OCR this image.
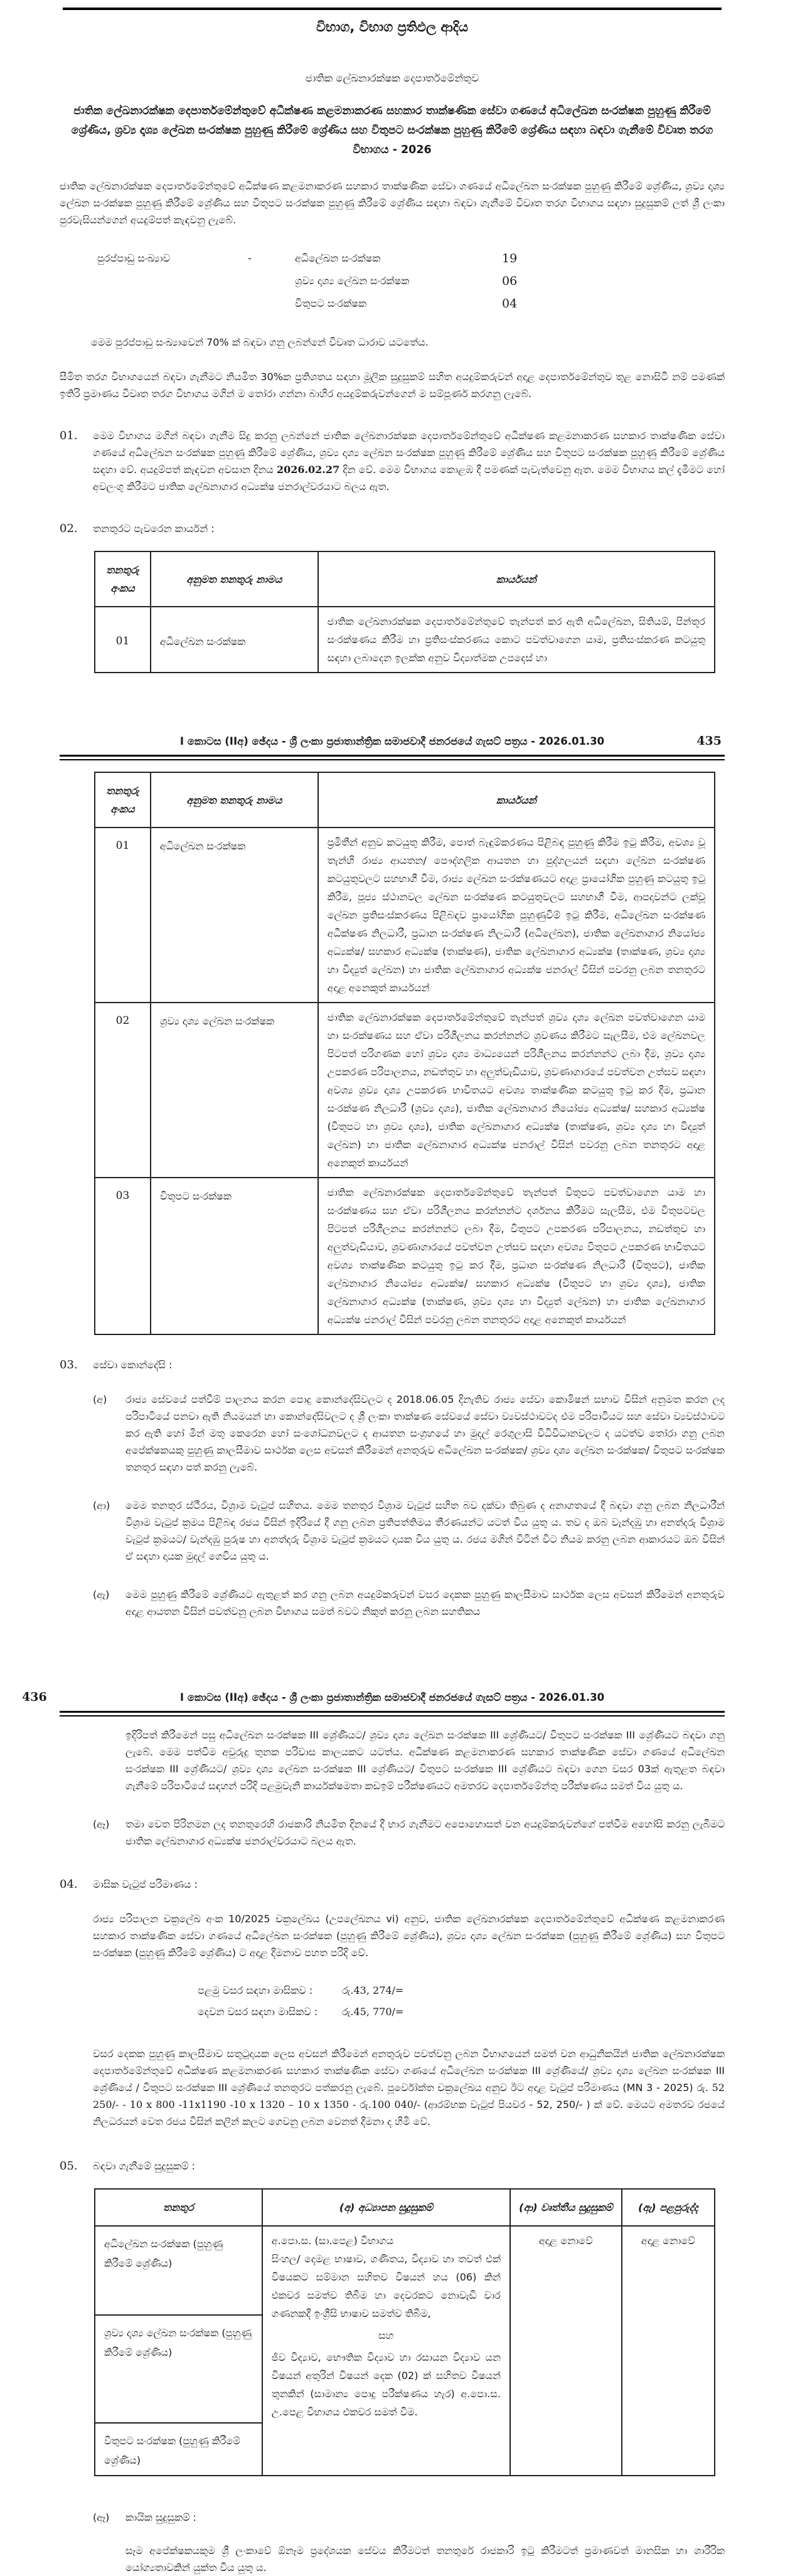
විභාග, විභාග ප්‍රතිඵල ආදිය
ජාතික ලේඛනාරක්ෂක දෙපාර්තමේන්තුව
ජාතික ලේඛනාරක්ෂක දෙපාර්තමේන්තුවේ අධීක්ෂණ කළමනාකරණ සහකාර තාක්ෂණික සේවා ගණයේ අධිලේඛන සංරක්ෂක පුහුණු කිරීමේ ශ්‍රේණිය, ශ්‍රව්‍ය දෘශ්‍ය ලේඛන සංරක්ෂක පුහුණු කිරීමේ ශ්‍රේණිය සහ විතුපට සංරක්ෂක පුහුණු කිරීමේ ශ්‍රේණිය සඳහා බඳවා ගැනීමේ විවෘත තරග විභාගය - 2026

ජාතික ලේඛනාරක්ෂක දෙපාර්තමේන්තුවේ අධීක්ෂණ කළමනාකරණ සහකාර තාක්ෂණික සේවා ගණයේ අධිලේඛන සංරක්ෂක පුහුණු කිරීමේ ශ්‍රේණිය, ශ්‍රව්‍ය දෘශ්‍ය ලේඛන සංරක්ෂක පුහුණු කිරීමේ ශ්‍රේණිය සහ විතුපට සංරක්ෂක පුහුණු කිරීමේ ශ්‍රේණිය සඳහා බඳවා ගැනීමේ විවෘත තරග විභාගය සඳහා සුදුසුකම් ලත් ශ්‍රී ලංකා පුරවැසියන්ගෙන් අයදුම්පත් කැඳවනු ලැබේ.

පුරප්පාඩු සංඛ්‍යාව	-	අධිලේඛන සංරක්ෂක	19
ශ්‍රව්‍ය දෘශ්‍ය ලේඛන සංරක්ෂක	06
විතුපට සංරක්ෂක	04

මෙම පුරප්පාඩු සංඛ්‍යාවෙන් 70% ක් බඳවා ගනු ලබන්නේ විවෘත ධාරාව යටතේය.

සීමිත තරග විභාගයෙන් බඳවා ගැනීමට නියමිත 30%ක ප්‍රතිශතය සඳහා මූලික සුදුසුකම් සහිත අයදුම්කරුවන් අදාළ දෙපාර්තමේන්තුව තුළ නොසිටී නම් පමණක් ඉතිරි ප්‍රමාණය විවෘත තරග විභාගය මගින් ම තෝරා ගන්නා බාහිර අයදුම්කරුවන්ගෙන් ම සම්පූර්ණ කරගනු ලැබේ.

01.	මෙම විභාගය මගින් බඳවා ගැනීම සිදු කරනු ලබන්නේ ජාතික ලේඛනාරක්ෂක දෙපාර්තමේන්තුවේ අධීක්ෂණ කළමනාකරණ සහකාර තාක්ෂණික සේවා ගණයේ අධිලේඛන සංරක්ෂක පුහුණු කිරීමේ ශ්‍රේණිය, ශ්‍රව්‍ය දෘශ්‍ය ලේඛන සංරක්ෂක පුහුණු කිරීමේ ශ්‍රේණිය සහ විතුපට සංරක්ෂක පුහුණු කිරීමේ ශ්‍රේණිය සඳහා වේ. අයදුම්පත් කැඳවන අවසාන දිනය 2026.02.27 දින වේ. මෙම විභාගය කොළඹ දී පමණක් පැවැත්වෙනු ඇත. මෙම විභාගය කල් දැමීමට හෝ අවලංගු කිරීමට ජාතික ලේඛනාගාර අධ්‍යක්ෂ ජනරාල්වරයාට බලය ඇත.
02.	තනතුරට පැවරෙන කාර්යන් :
තනතුරු අංකය	අනුමත තනතුරු නාමය	කාර්යයන්
01	අධිලේඛන සංරක්ෂක	ජාතික ලේඛනාරක්ෂක දෙපාර්තමේන්තුවේ තැන්පත් කර ඇති අධිලේඛන, සිතියම්, පින්තූර සංරක්ෂණය කිරීම හා ප්‍රතිසංස්කරණය කොට පවත්වාගෙන යාම, ප්‍රතිසංස්කරණ කටයුතු සඳහා ලබාදෙන ඉලක්ක අනුව විද්‍යාත්මක උපදෙස් හා
I කොටස (IIඅ) ඡේදය - ශ්‍රී ලංකා ප්‍රජාතාන්ත්‍රික සමාජවාදී ජනරජයේ ගැසට් පත්‍රය - 2026.01.30	435
තනතුරු අංකය	අනුමත තනතුරු නාමය	කාර්යයන්
01	අධිලේඛන සංරක්ෂක	ප්‍රමිතීන් අනුව කටයුතු කිරීම, පොත් බැඳුම්කරණය පිළිබඳ පුහුණු කිරීම ඉටු කිරීම, අවශ්‍ය වූ තැන්හි රාජ්‍ය ආයතන/ පෞද්ගලික ආයතන හා පුද්ගලයන් සඳහා ලේඛන සංරක්ෂණ කටයුතුවලට සහභාගී වීම, රාජ්‍ය ලේඛන සංරක්ෂණයට අදාළ ප්‍රායෝගික පුහුණු කටයුතු ඉටු කිරීම, පූජ්‍ය ස්ථානවල ලේඛන සංරක්ෂණ කටයුතුවලට සහභාගී වීම, ආපදාවන්ට ලක්වූ ලේඛන ප්‍රතිසංස්කරණය පිළිබඳව ප්‍රායෝගික පුහුණුවීම් ඉටු කිරීම, අධිලේඛන සංරක්ෂණ අධීක්ෂණ නිලධාරී, ප්‍රධාන සංරක්ෂණ නිලධාරී (අධිලේඛන), ජාතික ලේඛනාගාර නියෝජ්‍ය අධ්‍යක්ෂ/ සහකාර අධ්‍යක්ෂ (තාක්ෂණ), ජාතික ලේඛනාගාර අධ්‍යක්ෂ (තාක්ෂණ, ශ්‍රව්‍ය දෘශ්‍ය හා විද්‍යුත් ලේඛන) හා ජාතික ලේඛනාගාර අධ්‍යක්ෂ ජනරාල් විසින් පවරනු ලබන තනතුරට අදාළ අනෙකුත් කාර්යයන්
02	ශ්‍රව්‍ය දෘශ්‍ය ලේඛන සංරක්ෂක	ජාතික ලේඛනාරක්ෂක දෙපාර්තමේන්තුවේ තැන්පත් ශ්‍රව්‍ය දෘශ්‍ය ලේඛන පවත්වාගෙන යාම හා සංරක්ෂණය සහ ඒවා පරිශීලනය කරන්නන්ට ශ්‍රවණය කිරීමට සැලසීම, එම ලේඛනවල පිටපත් පරිගණක හෝ ශ්‍රව්‍ය දෘශ්‍ය මාධ්‍යයෙන් පරිශීලනය කරන්නන්ට ලබා දීම, ශ්‍රව්‍ය දෘශ්‍ය උපකරණ පරිපාලනය, නඩත්තුව හා අලුත්වැඩියාව, ශ්‍රවණාගාරයේ පවත්වන උත්සව සඳහා අවශ්‍ය ශ්‍රව්‍ය දෘශ්‍ය උපකරණ භාවිතයට අවශ්‍ය තාක්ෂණික කටයුතු ඉටු කර දීම, ප්‍රධාන සංරක්ෂණ නිලධාරී (ශ්‍රව්‍ය දෘශ්‍ය), ජාතික ලේඛනාගාර නියෝජ්‍ය අධ්‍යක්ෂ/ සහකාර අධ්‍යක්ෂ (විතුපට හා ශ්‍රව්‍ය දෘශ්‍ය), ජාතික ලේඛනාගාර අධ්‍යක්ෂ (තාක්ෂණ, ශ්‍රව්‍ය දෘශ්‍ය හා විද්‍යුත් ලේඛන) හා ජාතික ලේඛනාගාර අධ්‍යක්ෂ ජනරාල් විසින් පවරනු ලබන තනතුරට අදාළ අනෙකුත් කාර්යයන්
03	විතුපට සංරක්ෂක	ජාතික ලේඛනාරක්ෂක දෙපාර්තමේන්තුවේ තැන්පත් විතුපට පවත්වාගෙන යාම හා සංරක්ෂණය සහ ඒවා පරිශීලනය කරන්නන්ට දර්ශනය කිරීමට සැලසීම, එම විතුපටවල පිටපත් පරිශීලනය කරන්නන්ට ලබා දීම, විතුපට උපකරණ පරිපාලනය, නඩත්තුව හා අලුත්වැඩියාව, ශ්‍රවණාගාරයේ පවත්වන උත්සව සඳහා අවශ්‍ය විතුපට උපකරණ භාවිතයට අවශ්‍ය තාක්ෂණික කටයුතු ඉටු කර දීම, ප්‍රධාන සංරක්ෂණ නිලධාරී (විතුපට), ජාතික ලේඛනාගාර නියෝජ්‍ය අධ්‍යක්ෂ/ සහකාර අධ්‍යක්ෂ (විතුපට හා ශ්‍රව්‍ය දෘශ්‍ය), ජාතික ලේඛනාගාර අධ්‍යක්ෂ (තාක්ෂණ, ශ්‍රව්‍ය දෘශ්‍ය හා විද්‍යුත් ලේඛන) හා ජාතික ලේඛනාගාර අධ්‍යක්ෂ ජනරාල් විසින් පවරනු ලබන තනතුරට අදාළ අනෙකුත් කාර්යයන්
03.	සේවා කොන්දේසි :
(අ)	රාජ්‍ය සේවයේ පත්වීම් පාලනය කරන පොදු කොන්දේසිවලට ද 2018.06.05 දිනැතිව රාජ්‍ය සේවා කොමිෂන් සභාව විසින් අනුමත කරන ලද පරිපාටියේ පනවා ඇති නියමයන් හා කොන්දේසිවලට ද ශ්‍රී ලංකා තාක්ෂණ සේවයේ සේවා ව්‍යවස්ථාවටද එම පරිපාටියට සහ සේවා ව්‍යවස්ථාවට කර ඇති හෝ මින් මතු කෙරෙන හෝ සංශෝධනවලට ද ආයතන සංග්‍රහයේ හා මුදල් රෙගුලාසි විධිවිධානවලට ද යටත්ව තෝරා ගනු ලබන අපේක්ෂකයකු පුහුණු කාලසීමාව සාර්ථක ලෙස අවසන් කිරීමෙන් අනතුරුව අධිලේඛන සංරක්ෂක/ ශ්‍රව්‍ය දෘශ්‍ය ලේඛන සංරක්ෂක/ විතුපට සංරක්ෂක තනතුර සඳහා පත් කරනු ලැබේ.
(ආ)	මෙම තනතුර ස්ථීරය, විශ්‍රාම වැටුප් සහිතය. මෙම තනතුර විශ්‍රාම වැටුප් සහිත බව දක්වා තිබුණ ද අනාගතයේ දී බඳවා ගනු ලබන නිලධාරීන් විශ්‍රාම වැටුප් ක්‍රමය පිළිබඳ රජය විසින් ඉදිරියේ දී ගනු ලබන ප්‍රතිපත්තිමය තීරණයන්ට යටත් විය යුතු ය. තව ද ඔබ වැන්දඹු හා අනත්දරු විශ්‍රාම වැටුප් ක්‍රමයට/ වැන්දඹු පුරුෂ හා අනත්දරු විශ්‍රාම වැටුප් ක්‍රමයට දායක විය යුතු ය. රජය මගින් විටින් විට නියම කරනු ලබන ආකාරයට ඔබ විසින් ඒ සඳහා දායක මුදල් ගෙවිය යුතු ය.
(ඇ)	මෙම පුහුණු කිරීමේ ශ්‍රේණියට ඇතුළත් කර ගනු ලබන අයදුම්කරුවන් වසර දෙකක පුහුණු කාලසීමාව සාර්ථක ලෙස අවසන් කිරීමෙන් අනතුරුව අදාළ ආයතන විසින් පවත්වනු ලබන විභාගය සමත් බවට නිකුත් කරනු ලබන සහතිකය
I කොටස (IIඅ) ඡේදය - ශ්‍රී ලංකා ප්‍රජාතාන්ත්‍රික සමාජවාදී ජනරජයේ ගැසට් පත්‍රය - 2026.01.30
436

ඉදිරිපත් කිරීමෙන් පසු අධිලේඛන සංරක්ෂක III ශ්‍රේණියට/ ශ්‍රව්‍ය දෘශ්‍ය ලේඛන සංරක්ෂක III ශ්‍රේණියට/ විතුපට සංරක්ෂක III ශ්‍රේණියට බඳවා ගනු ලැබේ. මෙම පත්වීම අවුරුදු තුනක පරිවාස කාලයකට යටත්ය. අධීක්ෂණ කළමනාකරණ සහකාර තාක්ෂණික සේවා ගණයේ අධිලේඛන සංරක්ෂක III ශ්‍රේණියට/ ශ්‍රව්‍ය දෘශ්‍ය ලේඛන සංරක්ෂක III ශ්‍රේණියට/ විතුපට සංරක්ෂක III ශ්‍රේණියට බඳවා ගෙන වසර 03ක් ඇතුළත බඳවා ගැනීමේ පරිපාටියේ සඳහන් පරිදි පළමුවැනි කාර්යක්ෂමතා කඩඉම් පරීක්ෂණයට අමතරව දෙපාර්තමේන්තු පරීක්ෂණය සමත් විය යුතු ය.

(ඈ)	තමා වෙත පිරිනමන ලද තනතුරෙහි රාජකාරි නියමිත දිනයේ දී භාර ගැනීමට අපොහොසත් වන අයදුම්කරුවන්ගේ පත්වීම අහෝසි කරනු ලැබීමට ජාතික ලේඛනාගාර අධ්‍යක්ෂ ජනරාල්වරයාට බලය ඇත.
04.	මාසික වැටුප් පරිමාණය :

රාජ්‍ය පරිපාලන චක්‍රලේඛ අංක 10/2025 චක්‍රලේඛය (උපලේඛනය vi) අනුව, ජාතික ලේඛනාරක්ෂක දෙපාර්තමේන්තුවේ අධීක්ෂණ කළමනාකරණ සහකාර තාක්ෂණික සේවා ගණයේ අධිලේඛන සංරක්ෂක (පුහුණු කිරීමේ ශ්‍රේණිය), ශ්‍රව්‍ය දෘශ්‍ය ලේඛන සංරක්ෂක (පුහුණු කිරීමේ ශ්‍රේණිය) සහ විතුපට සංරක්ෂක (පුහුණු කිරීමේ ශ්‍රේණිය) ට අදාළ දීමනාව පහත පරිදි වේ.

පළමු වසර සඳහා මාසිකව :	රු.43, 274/=
දෙවන වසර සඳහා මාසිකව :	රු.45, 770/=

වසර දෙකක පුහුණු කාලසීමාව සතුටුදායක ලෙස අවසන් කිරීමෙන් අනතුරුව පවත්වනු ලබන විභාගයෙන් සමත් වන ආධුනිකයින් ජාතික ලේඛනාරක්ෂක දෙපාර්තමේන්තුවේ අධීක්ෂණ කළමනාකරණ සහකාර තාක්ෂණික සේවා ගණයේ අධිලේඛන සංරක්ෂක III ශ්‍රේණියේ/ ශ්‍රව්‍ය දෘශ්‍ය ලේඛන සංරක්ෂක III ශ්‍රේණියේ / විතුපට සංරක්ෂක III ශ්‍රේණියේ තනතුරට පත්කරනු ලැබේ. පූර්වෝක්ත චක්‍රලේඛය අනුව ඊට අදාළ වැටුප් පරිමාණය (MN 3 - 2025) රු. 52 250/- - 10 x 800 -11x1190 -10 x 1320 – 10 x 1350 - රු.100 040/- (ආරම්භක වැටුප් පියවර - 52, 250/- ) ක් වේ. මෙයට අමතරව රජයේ නිලධරයන් වෙත රජය විසින් කලින් කලට ගෙවනු ලබන වෙනත් දීමනා ද හිමි වේ.

05.	බඳවා ගැනීමේ සුදුසුකම් :
තනතුර	(අ) අධ්‍යාපන සුදුසුකම්	(ආ) වෘත්තීය සුදුසුකම්	(ඇ) පළපුරුද්ද
අධිලේඛන සංරක්ෂක (පුහුණු කිරීමේ ශ්‍රේණිය)	අ.පො.ස. (සා.පෙළ) විභාගය
සිංහල/ දෙමළ භාෂාව, ගණිතය, විද්‍යාව හා තවත් එක් විෂයකට සම්මාන සහිතව විෂයන් හය (06) කින් එකවර සමත්ව තිබීම හා දෙවරකට නොවැඩි වාර ගණනකදී ඉංග්‍රීසි භාෂාව සමත්ව තිබීම,
සහ
ජීව විද්‍යාව, භෞතික විද්‍යාව හා රසායන විද්‍යාව යන විෂයන් අතුරින් විෂයන් දෙක (02) ක් සහිතව විෂයන් තුනකින් (සාමාන්‍ය පොදු පරීක්ෂණය හැර) අ.පො.ස. උ.පෙළ විභාගය එකවර සමත් වීම.	අදාළ නොවේ	අදාළ නොවේ
ශ්‍රව්‍ය දෘශ්‍ය ලේඛන සංරක්ෂක (පුහුණු කිරීමේ ශ්‍රේණිය)			
විතුපට සංරක්ෂක (පුහුණු කිරීමේ ශ්‍රේණිය)			
(ඈ)	කායික සුදුසුකම් :

සෑම අපේක්ෂකයකුම ශ්‍රී ලංකාවේ ඕනෑම ප්‍රදේශයක සේවය කිරීමටත් තනතුරේ රාජකාරි ඉටු කිරීමටත් ප්‍රමාණවත් මානසික හා ශාරීරික යෝග්‍යතාවකින් යුක්ත විය යුතු ය.
